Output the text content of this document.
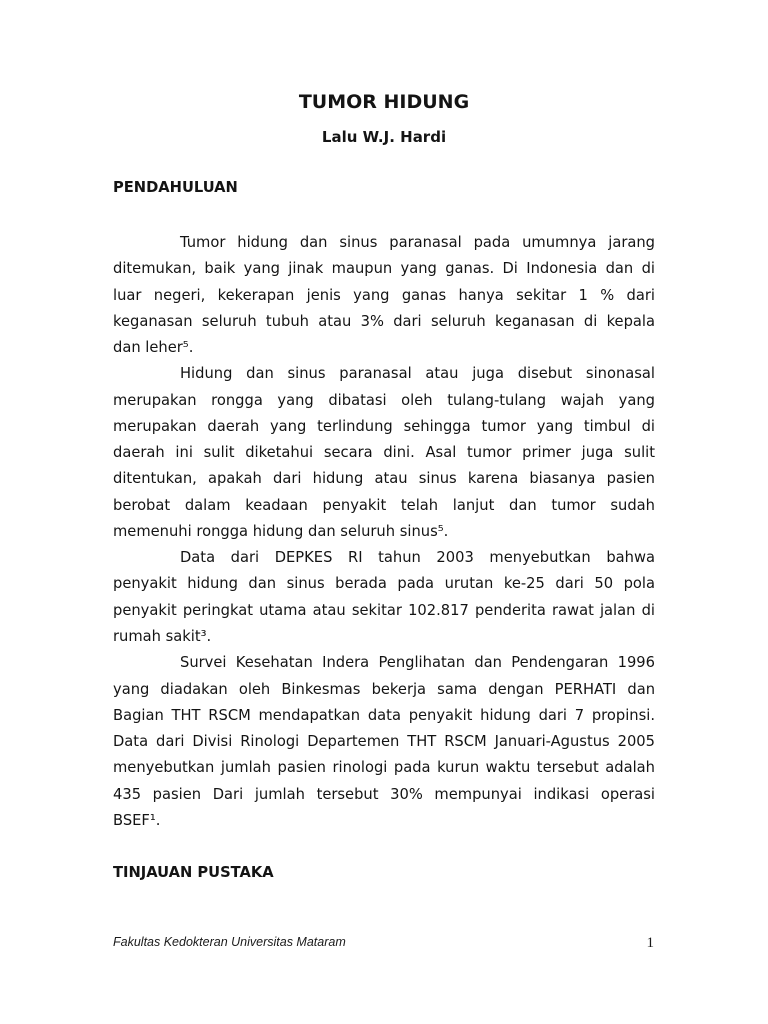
TUMOR HIDUNG
Lalu W.J. Hardi
PENDAHULUAN
Tumor hidung dan sinus paranasal pada umumnya jarang
ditemukan, baik yang jinak maupun yang ganas. Di Indonesia dan di
luar negeri, kekerapan jenis yang ganas hanya sekitar 1 % dari
keganasan seluruh tubuh atau 3% dari seluruh keganasan di kepala
dan leher⁵.
Hidung dan sinus paranasal atau juga disebut sinonasal
merupakan rongga yang dibatasi oleh tulang-tulang wajah yang
merupakan daerah yang terlindung sehingga tumor yang timbul di
daerah ini sulit diketahui secara dini. Asal tumor primer juga sulit
ditentukan, apakah dari hidung atau sinus karena biasanya pasien
berobat dalam keadaan penyakit telah lanjut dan tumor sudah
memenuhi rongga hidung dan seluruh sinus⁵.
Data dari DEPKES RI tahun 2003 menyebutkan bahwa
penyakit hidung dan sinus berada pada urutan ke-25 dari 50 pola
penyakit peringkat utama atau sekitar 102.817 penderita rawat jalan di
rumah sakit³.
Survei Kesehatan Indera Penglihatan dan Pendengaran 1996
yang diadakan oleh Binkesmas bekerja sama dengan PERHATI dan
Bagian THT RSCM mendapatkan data penyakit hidung dari 7 propinsi.
Data dari Divisi Rinologi Departemen THT RSCM Januari-Agustus 2005
menyebutkan jumlah pasien rinologi pada kurun waktu tersebut adalah
435 pasien Dari jumlah tersebut 30% mempunyai indikasi operasi
BSEF¹.
TINJAUAN PUSTAKA
Fakultas Kedokteran Universitas Mataram	1
